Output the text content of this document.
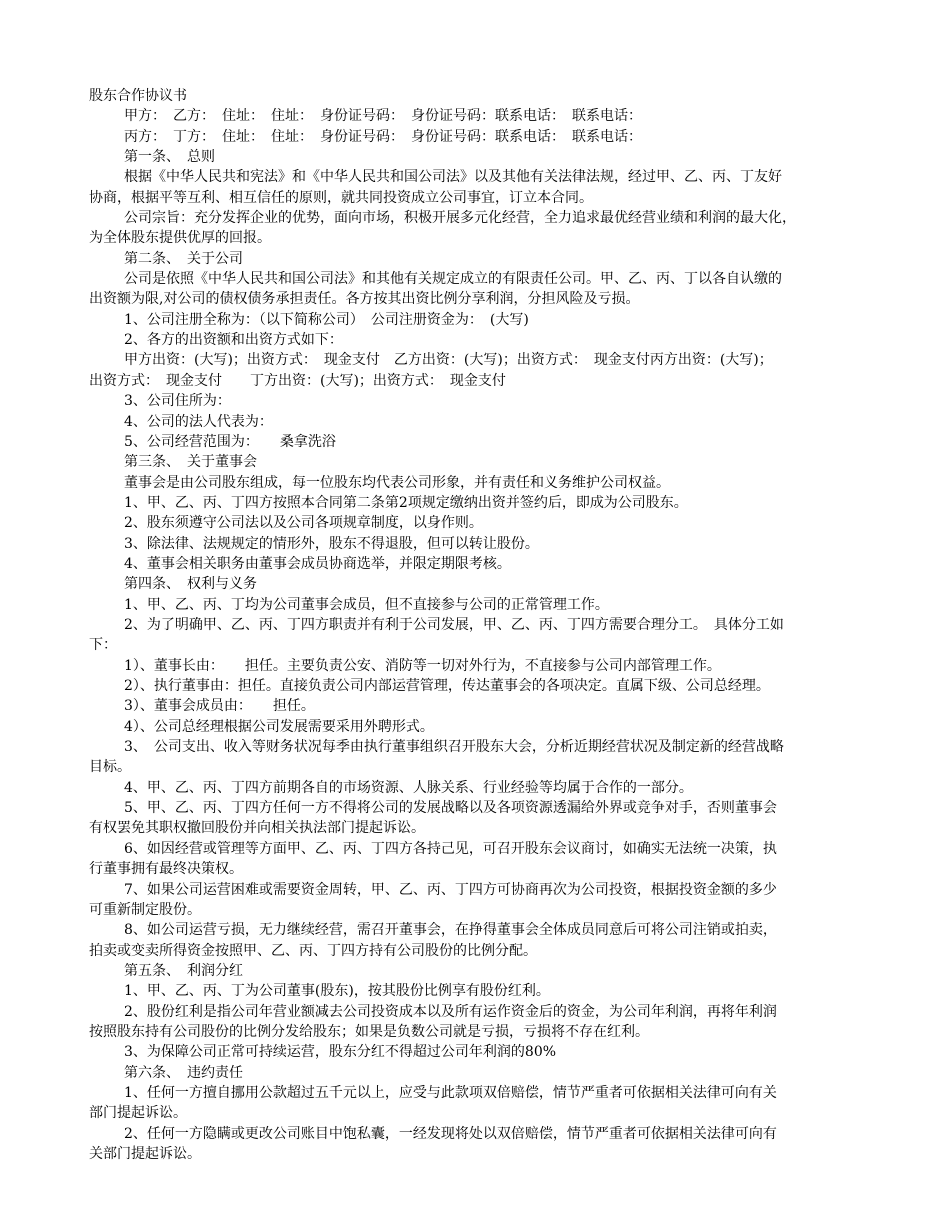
股东合作协议书
甲方：　乙方：　住址：　住址：　身份证号码：　身份证号码：联系电话：　联系电话：
丙方：　丁方：　住址：　住址：　身份证号码：　身份证号码：联系电话：　联系电话：
第一条、　总则
根据《中华人民共和宪法》和《中华人民共和国公司法》以及其他有关法律法规，经过甲、乙、丙、丁友好
协商，根据平等互利、相互信任的原则，就共同投资成立公司事宜，订立本合同。
公司宗旨：充分发挥企业的优势，面向市场，积极开展多元化经营，全力追求最优经营业绩和利润的最大化，
为全体股东提供优厚的回报。
第二条、　关于公司
公司是依照《中华人民共和国公司法》和其他有关规定成立的有限责任公司。甲、乙、丙、丁以各自认缴的
出资额为限,对公司的债权债务承担责任。各方按其出资比例分享利润，分担风险及亏损。
1、公司注册全称为：（以下简称公司）　公司注册资金为：　(大写)
2、各方的出资额和出资方式如下：
甲方出资：(大写)；出资方式：　现金支付　乙方出资：(大写)；出资方式：　现金支付丙方出资：(大写)；
出资方式：　现金支付　　丁方出资：(大写)；出资方式：　现金支付
3、公司住所为：
4、公司的法人代表为：
5、公司经营范围为：　　桑拿洗浴
第三条、　关于董事会
董事会是由公司股东组成，每一位股东均代表公司形象，并有责任和义务维护公司权益。
1、甲、乙、丙、丁四方按照本合同第二条第2项规定缴纳出资并签约后，即成为公司股东。
2、股东须遵守公司法以及公司各项规章制度，以身作则。
3、除法律、法规规定的情形外，股东不得退股，但可以转让股份。
4、董事会相关职务由董事会成员协商选举，并限定期限考核。
第四条、　权利与义务
1、甲、乙、丙、丁均为公司董事会成员，但不直接参与公司的正常管理工作。
2、为了明确甲、乙、丙、丁四方职责并有利于公司发展，甲、乙、丙、丁四方需要合理分工。　具体分工如
下：
1）、董事长由：　　担任。主要负责公安、消防等一切对外行为，不直接参与公司内部管理工作。
2）、执行董事由：担任。直接负责公司内部运营管理，传达董事会的各项决定。直属下级、公司总经理。
3）、董事会成员由：　　担任。
4）、公司总经理根据公司发展需要采用外聘形式。
3、　公司支出、收入等财务状况每季由执行董事组织召开股东大会，分析近期经营状况及制定新的经营战略
目标。
4、甲、乙、丙、丁四方前期各自的市场资源、人脉关系、行业经验等均属于合作的一部分。
5、甲、乙、丙、丁四方任何一方不得将公司的发展战略以及各项资源透漏给外界或竞争对手，否则董事会
有权罢免其职权撤回股份并向相关执法部门提起诉讼。
6、如因经营或管理等方面甲、乙、丙、丁四方各持己见，可召开股东会议商讨，如确实无法统一决策，执
行董事拥有最终决策权。
7、如果公司运营困难或需要资金周转，甲、乙、丙、丁四方可协商再次为公司投资，根据投资金额的多少
可重新制定股份。
8、如公司运营亏损，无力继续经营，需召开董事会，在挣得董事会全体成员同意后可将公司注销或拍卖，
拍卖或变卖所得资金按照甲、乙、丙、丁四方持有公司股份的比例分配。
第五条、　利润分红
1、甲、乙、丙、丁为公司董事(股东)，按其股份比例享有股份红利。
2、股份红利是指公司年营业额减去公司投资成本以及所有运作资金后的资金，为公司年利润，再将年利润
按照股东持有公司股份的比例分发给股东；如果是负数公司就是亏损，亏损将不存在红利。
3、为保障公司正常可持续运营，股东分红不得超过公司年利润的80%
第六条、　违约责任
1、任何一方擅自挪用公款超过五千元以上，应受与此款项双倍赔偿，情节严重者可依据相关法律可向有关
部门提起诉讼。
2、任何一方隐瞒或更改公司账目中饱私囊，一经发现将处以双倍赔偿，情节严重者可依据相关法律可向有
关部门提起诉讼。
